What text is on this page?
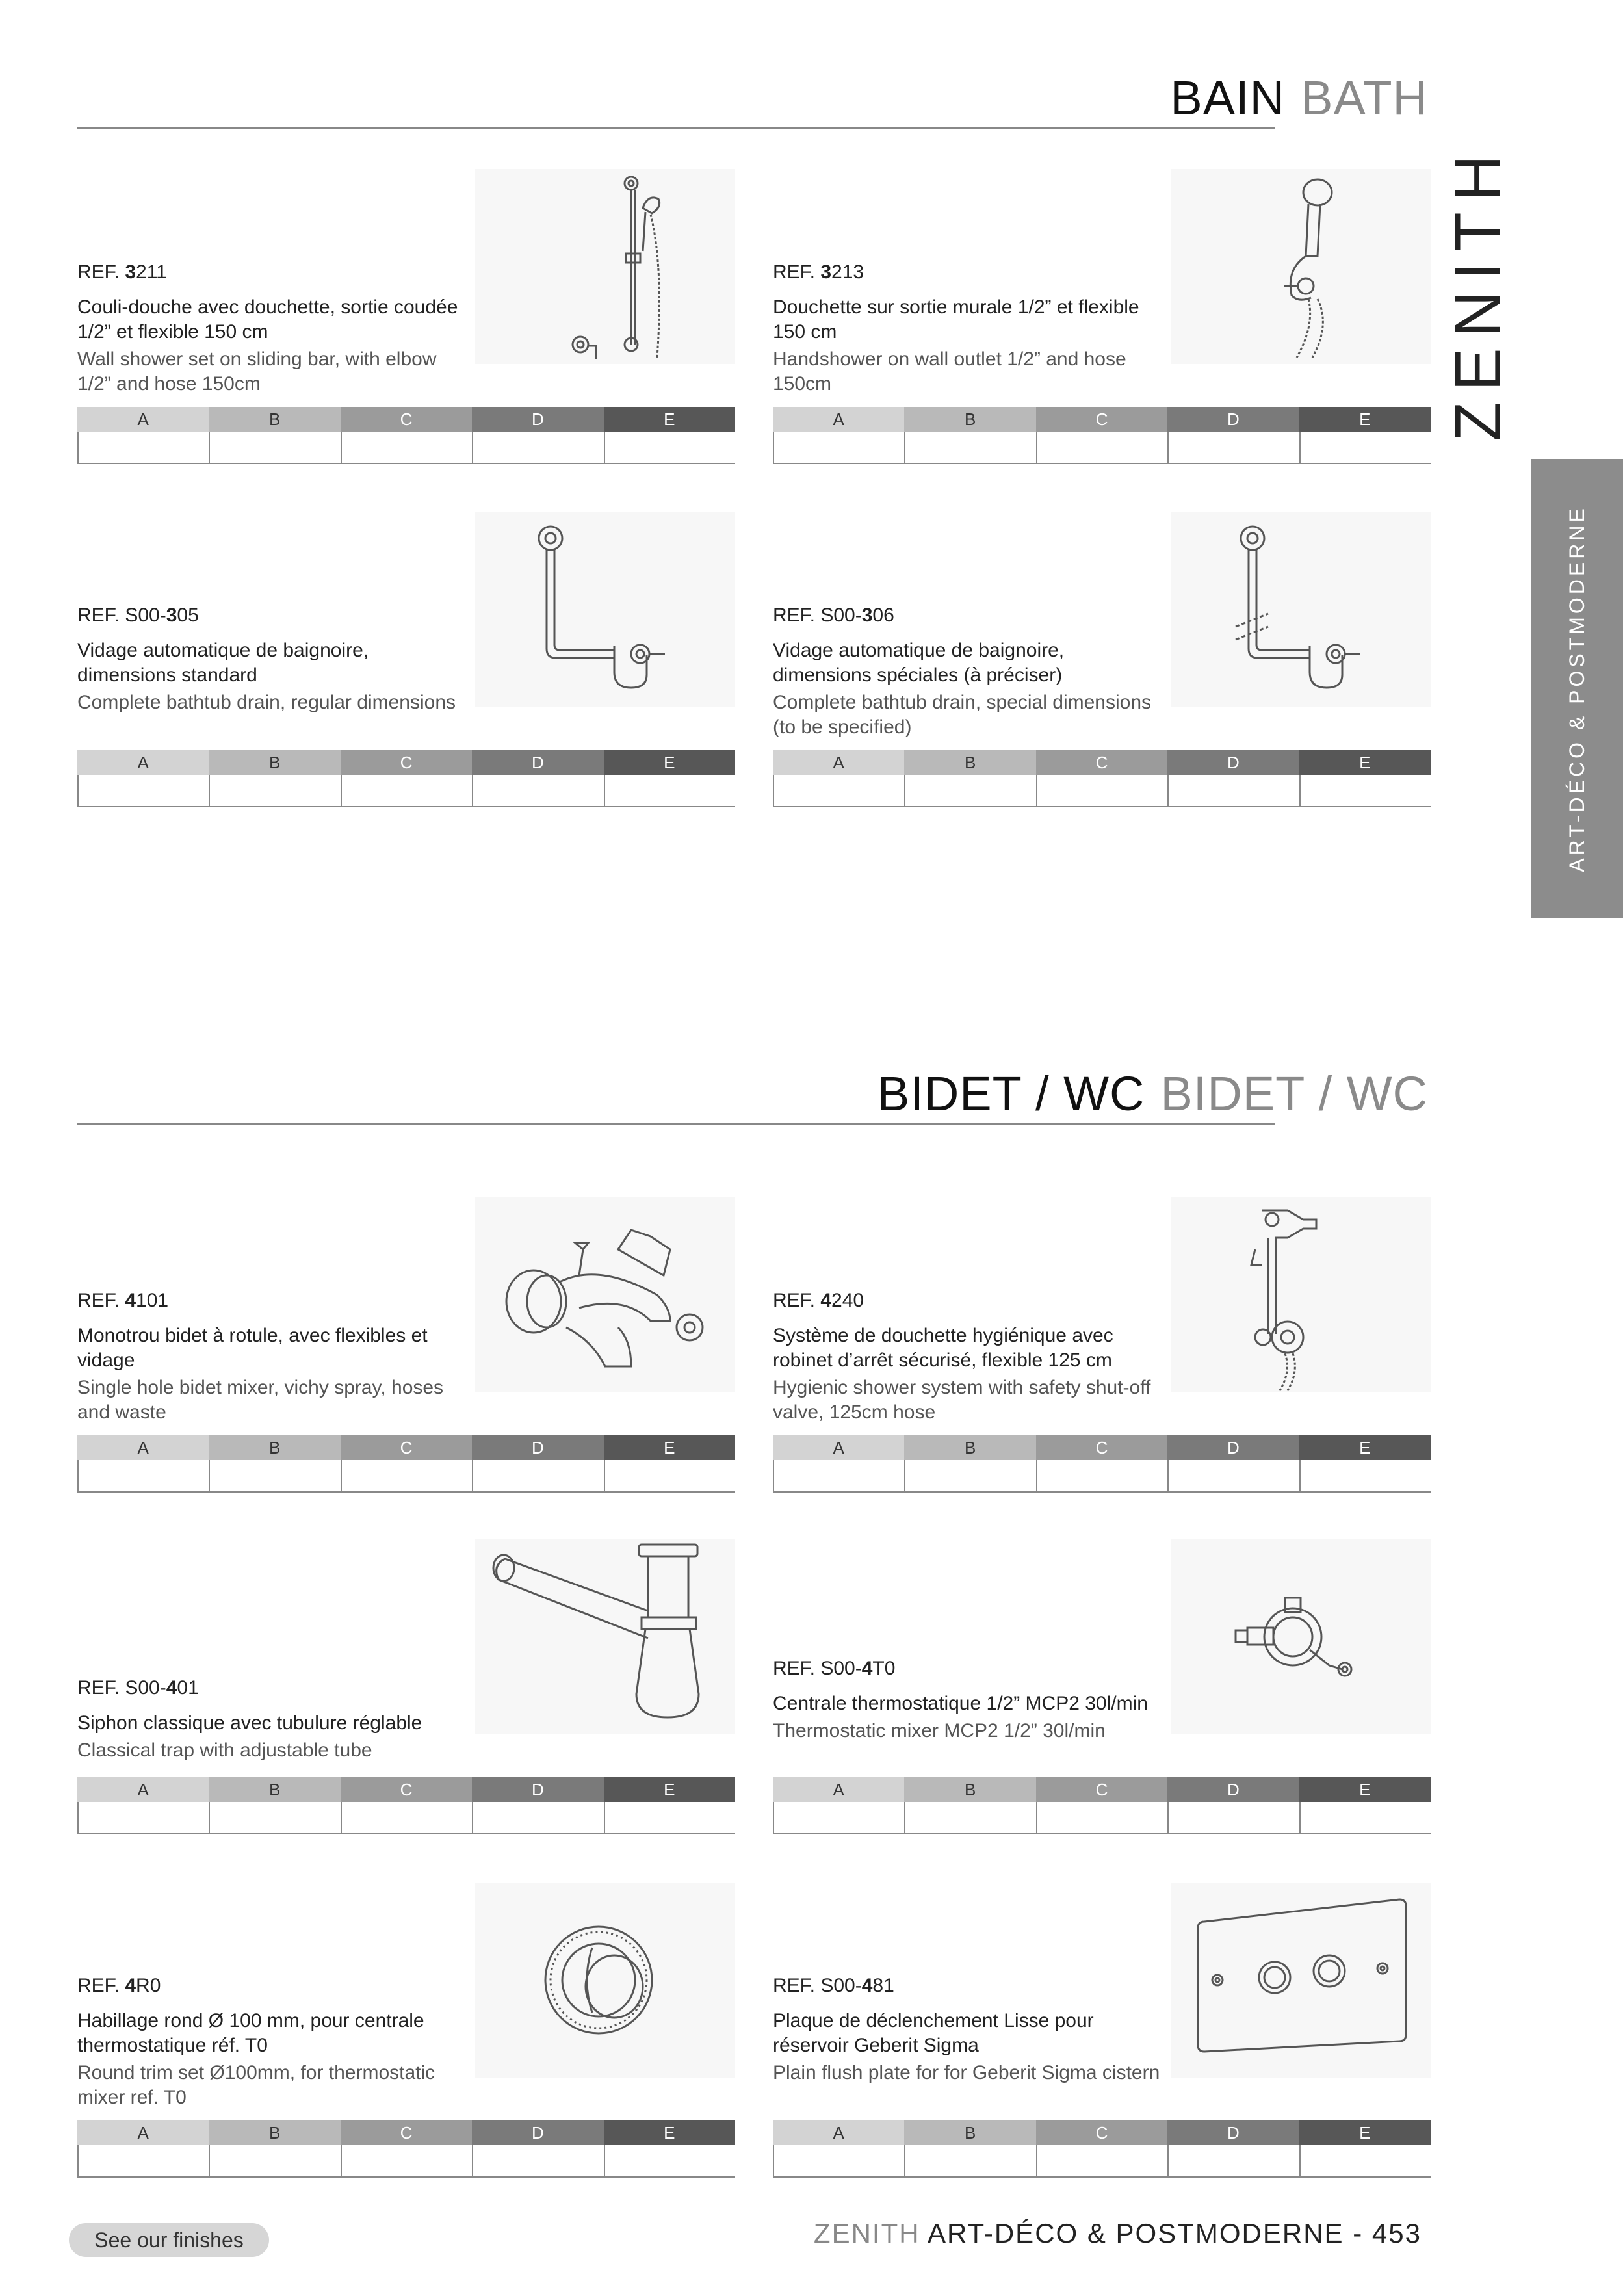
BAIN BATH
BIDET / WC BIDET / WC
ZENITH
ART-DÉCO & POSTMODERNE

REF. 3211

Couli-douche avec douchette, sortie coudée 1/2” et flexible 150 cm

Wall shower set on sliding bar, with elbow 1/2” and hose 150cm

A	B	C	D	E

REF. 3213

Douchette sur sortie murale 1/2” et flexible 150 cm

Handshower on wall outlet 1/2” and hose 150cm

A	B	C	D	E

REF. S00-305

Vidage automatique de baignoire, dimensions standard

Complete bathtub drain, regular dimensions

A	B	C	D	E

REF. S00-306

Vidage automatique de baignoire, dimensions spéciales (à préciser)

Complete bathtub drain, special dimensions (to be specified)

A	B	C	D	E

REF. 4101

Monotrou bidet à rotule, avec flexibles et vidage

Single hole bidet mixer, vichy spray, hoses and waste

A	B	C	D	E

REF. 4240

Système de douchette hygiénique avec robinet d’arrêt sécurisé, flexible 125 cm

Hygienic shower system with safety shut-off valve, 125cm hose

A	B	C	D	E

REF. S00-401

Siphon classique avec tubulure réglable

Classical trap with adjustable tube

A	B	C	D	E

REF. S00-4T0

Centrale thermostatique 1/2” MCP2 30l/min

Thermostatic mixer MCP2 1/2” 30l/min

A	B	C	D	E

REF. 4R0

Habillage rond Ø 100 mm, pour centrale thermostatique réf. T0

Round trim set Ø100mm, for thermostatic mixer ref. T0

A	B	C	D	E

REF. S00-481

Plaque de déclenchement Lisse pour réservoir Geberit Sigma

Plain flush plate for for Geberit Sigma cistern

A	B	C	D	E
See our finishes	ZENITH ART-DÉCO & POSTMODERNE - 453
